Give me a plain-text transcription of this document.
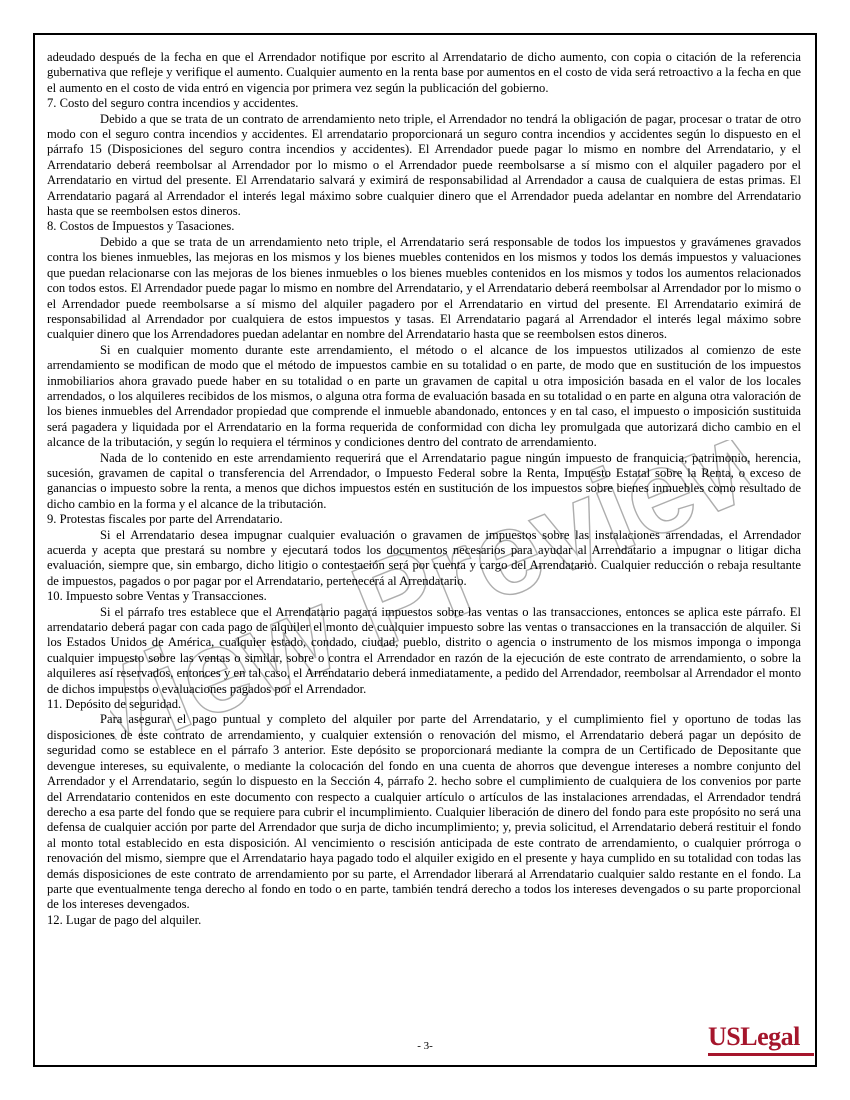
View Preview

adeudado después de la fecha en que el Arrendador notifique por escrito al Arrendatario de dicho aumento, con copia o citación de la referencia gubernativa que refleje y verifique el aumento. Cualquier aumento en la renta base por aumentos en el costo de vida será retroactivo a la fecha en que el aumento en el costo de vida entró en vigencia por primera vez según la publicación del gobierno.

7. Costo del seguro contra incendios y accidentes.

Debido a que se trata de un contrato de arrendamiento neto triple, el Arrendador no tendrá la obligación de pagar, procesar o tratar de otro modo con el seguro contra incendios y accidentes. El arrendatario proporcionará un seguro contra incendios y accidentes según lo dispuesto en el párrafo 15 (Disposiciones del seguro contra incendios y accidentes). El Arrendador puede pagar lo mismo en nombre del Arrendatario, y el Arrendatario deberá reembolsar al Arrendador por lo mismo o el Arrendador puede reembolsarse a sí mismo con el alquiler pagadero por el Arrendatario en virtud del presente. El Arrendatario salvará y eximirá de responsabilidad al Arrendador a causa de cualquiera de estas primas. El Arrendatario pagará al Arrendador el interés legal máximo sobre cualquier dinero que el Arrendador pueda adelantar en nombre del Arrendatario hasta que se reembolsen estos dineros.

8. Costos de Impuestos y Tasaciones.

Debido a que se trata de un arrendamiento neto triple, el Arrendatario será responsable de todos los impuestos y gravámenes gravados contra los bienes inmuebles, las mejoras en los mismos y los bienes muebles contenidos en los mismos y todos los demás impuestos y valuaciones que puedan relacionarse con las mejoras de los bienes inmuebles o los bienes muebles contenidos en los mismos y todos los aumentos relacionados con todos estos. El Arrendador puede pagar lo mismo en nombre del Arrendatario, y el Arrendatario deberá reembolsar al Arrendador por lo mismo o el Arrendador puede reembolsarse a sí mismo del alquiler pagadero por el Arrendatario en virtud del presente. El Arrendatario eximirá de responsabilidad al Arrendador por cualquiera de estos impuestos y tasas. El Arrendatario pagará al Arrendador el interés legal máximo sobre cualquier dinero que los Arrendadores puedan adelantar en nombre del Arrendatario hasta que se reembolsen estos dineros.

Si en cualquier momento durante este arrendamiento, el método o el alcance de los impuestos utilizados al comienzo de este arrendamiento se modifican de modo que el método de impuestos cambie en su totalidad o en parte, de modo que en sustitución de los impuestos inmobiliarios ahora gravado puede haber en su totalidad o en parte un gravamen de capital u otra imposición basada en el valor de los locales arrendados, o los alquileres recibidos de los mismos, o alguna otra forma de evaluación basada en su totalidad o en parte en alguna otra valoración de los bienes inmuebles del Arrendador propiedad que comprende el inmueble abandonado, entonces y en tal caso, el impuesto o imposición sustituida será pagadera y liquidada por el Arrendatario en la forma requerida de conformidad con dicha ley promulgada que autorizará dicho cambio en el alcance de la tributación, y según lo requiera el términos y condiciones dentro del contrato de arrendamiento.

Nada de lo contenido en este arrendamiento requerirá que el Arrendatario pague ningún impuesto de franquicia, patrimonio, herencia, sucesión, gravamen de capital o transferencia del Arrendador, o Impuesto Federal sobre la Renta, Impuesto Estatal sobre la Renta, o exceso de ganancias o impuesto sobre la renta, a menos que dichos impuestos estén en sustitución de los impuestos sobre bienes inmuebles como resultado de dicho cambio en la forma y el alcance de la tributación.

9. Protestas fiscales por parte del Arrendatario.

Si el Arrendatario desea impugnar cualquier evaluación o gravamen de impuestos sobre las instalaciones arrendadas, el Arrendador acuerda y acepta que prestará su nombre y ejecutará todos los documentos necesarios para ayudar al Arrendatario a impugnar o litigar dicha evaluación, siempre que, sin embargo, dicho litigio o contestación será por cuenta y cargo del Arrendatario. Cualquier reducción o rebaja resultante de impuestos, pagados o por pagar por el Arrendatario, pertenecerá al Arrendatario.

10. Impuesto sobre Ventas y Transacciones.

Si el párrafo tres establece que el Arrendatario pagará impuestos sobre las ventas o las transacciones, entonces se aplica este párrafo. El arrendatario deberá pagar con cada pago de alquiler el monto de cualquier impuesto sobre las ventas o transacciones en la transacción de alquiler. Si los Estados Unidos de América, cualquier estado, condado, ciudad, pueblo, distrito o agencia o instrumento de los mismos imponga o imponga cualquier impuesto sobre las ventas o similar, sobre o contra el Arrendador en razón de la ejecución de este contrato de arrendamiento, o sobre la alquileres así reservados, entonces y en tal caso, el Arrendatario deberá inmediatamente, a pedido del Arrendador, reembolsar al Arrendador el monto de dichos impuestos o evaluaciones pagados por el Arrendador.

11. Depósito de seguridad.

Para asegurar el pago puntual y completo del alquiler por parte del Arrendatario, y el cumplimiento fiel y oportuno de todas las disposiciones de este contrato de arrendamiento, y cualquier extensión o renovación del mismo, el Arrendatario deberá pagar un depósito de seguridad como se establece en el párrafo 3 anterior. Este depósito se proporcionará mediante la compra de un Certificado de Depositante que devengue intereses, su equivalente, o mediante la colocación del fondo en una cuenta de ahorros que devengue intereses a nombre conjunto del Arrendador y el Arrendatario, según lo dispuesto en la Sección 4, párrafo 2. hecho sobre el cumplimiento de cualquiera de los convenios por parte del Arrendatario contenidos en este documento con respecto a cualquier artículo o artículos de las instalaciones arrendadas, el Arrendador tendrá derecho a esa parte del fondo que se requiere para cubrir el incumplimiento. Cualquier liberación de dinero del fondo para este propósito no será una defensa de cualquier acción por parte del Arrendador que surja de dicho incumplimiento; y, previa solicitud, el Arrendatario deberá restituir el fondo al monto total establecido en esta disposición. Al vencimiento o rescisión anticipada de este contrato de arrendamiento, o cualquier prórroga o renovación del mismo, siempre que el Arrendatario haya pagado todo el alquiler exigido en el presente y haya cumplido en su totalidad con todas las demás disposiciones de este contrato de arrendamiento por su parte, el Arrendador liberará al Arrendatario cualquier saldo restante en el fondo. La parte que eventualmente tenga derecho al fondo en todo o en parte, también tendrá derecho a todos los intereses devengados o su parte proporcional de los intereses devengados.

12. Lugar de pago del alquiler.

- 3-	USLegal
